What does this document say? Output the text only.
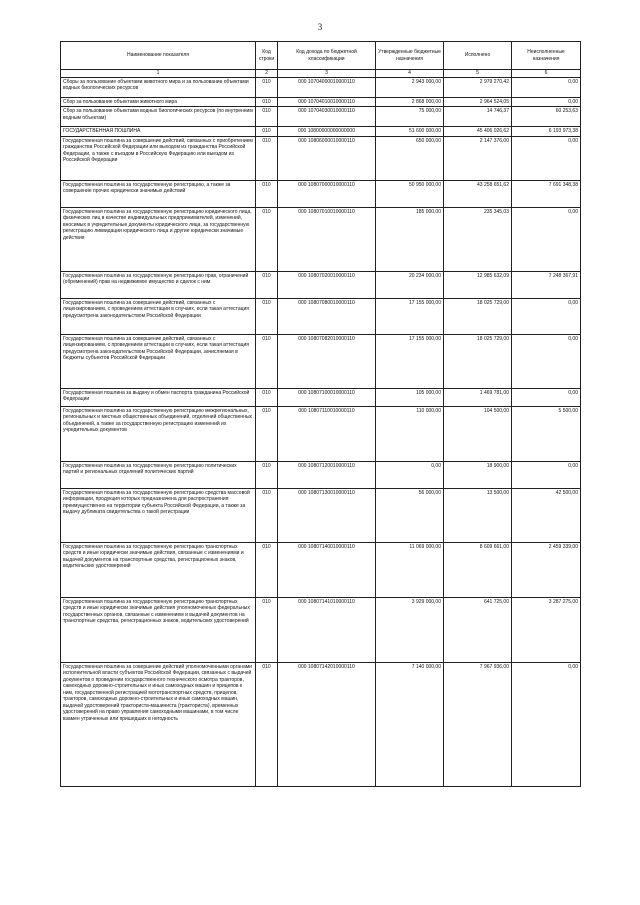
3
Наименование показателя	Код строки	Код дохода по бюджетной классификации	Утвержденные бюджетные назначения	Исполнено	Неисполненные назначения
1	2	3	4	5	6
Сборы за пользование объектами животного мира и за пользование объектами водных биологических ресурсов	010	000 10704000010000110	2 943 000,00	2 979 270,42	0,00
Сбор за пользование объектами животного мира	010	000 10704010010000110	2 868 000,00	2 964 524,05	0,00
Сбор за пользование объектами водных биологических ресурсов (по внутренним водным объектам)	010	000 10704030010000110	75 000,00	14 746,37	60 253,63
ГОСУДАРСТВЕННАЯ ПОШЛИНА	010	000 10800000000000000	51 600 000,00	45 406 026,62	6 193 973,38
Государственная пошлина за совершение действий, связанных с приобретением гражданства Российской Федерации или выходом из гражданства Российской Федерации, а также с въездом в Российскую Федерацию или выездом из Российской Федерации	010	000 10806000010000110	650 000,00	2 147 376,00	0,00
Государственная пошлина за государственную регистрацию, а также за совершение прочих юридически значимых действий	010	000 10807000010000110	50 950 000,00	43 258 651,62	7 691 348,38
Государственная пошлина за государственную регистрацию юридического лица, физических лиц в качестве индивидуальных предпринимателей, изменений, вносимых в учредительные документы юридического лица, за государственную регистрацию ликвидации юридического лица и другие юридически значимые действия	010	000 10807010010000110	185 000,00	235 345,03	0,00
Государственная пошлина за государственную регистрацию прав, ограничений (обременений) прав на недвижимое имущество и сделок с ним	010	000 10807020010000110	20 234 000,00	12 985 632,09	7 248 367,91
Государственная пошлина за совершение действий, связанных с лицензированием, с проведением аттестации в случаях, если такая аттестация предусмотрена законодательством Российской Федерации	010	000 10807080010000110	17 155 000,00	18 025 729,00	0,00
Государственная пошлина за совершение действий, связанных с лицензированием, с проведением аттестации в случаях, если такая аттестация предусмотрена законодательством Российской Федерации, зачисляемая в бюджеты субъектов Российской Федерации	010	000 10807082010000110	17 155 000,00	18 025 729,00	0,00
Государственная пошлина за выдачу и обмен паспорта гражданина Российской Федерации	010	000 10807100010000110	105 000,00	1 469 781,00	0,00
Государственная пошлина за государственную регистрацию межрегиональных, региональных и местных общественных объединений, отделений общественных объединений, а также за государственную регистрацию изменений их учредительных документов	010	000 10807110010000110	110 000,00	104 500,00	5 500,00
Государственная пошлина за государственную регистрацию политических партий и региональных отделений политических партий	010	000 10807120010000110	0,00	18 900,00	0,00
Государственная пошлина за государственную регистрацию средства массовой информации, продукция которых предназначена для распространения преимущественно на территории субъекта Российской Федерации, а также за выдачу дубликата свидетельства о такой регистрации	010	000 10807130010000110	56 000,00	13 500,00	42 500,00
Государственная пошлина за государственную регистрацию транспортных средств и иные юридически значимые действия, связанные с изменениями и выдачей документов на транспортные средства, регистрационных знаков, водительских удостоверений	010	000 10807140010000110	11 069 000,00	8 609 661,00	2 459 339,00
Государственная пошлина за государственную регистрацию транспортных средств и иные юридически значимые действия уполномоченных федеральных государственных органов, связанные с изменением и выдачей документов на транспортные средства, регистрационных знаков, водительских удостоверений	010	000 10807141010000110	3 929 000,00	641 725,00	3 287 275,00
Государственная пошлина за совершение действий уполномоченными органами исполнительной власти субъектов Российской Федерации, связанных с выдачей документов о проведении государственного технического осмотра тракторов, самоходных дорожно-строительных и иных самоходных машин и прицепов к ним, государственной регистрацией мототранспортных средств, прицепов, тракторов, самоходных дорожно-строительных и иных самоходных машин, выдачей удостоверений тракториста-машиниста (тракториста), временных удостоверений на право управления самоходными машинами, в том числе взамен утраченных или пришедших в негодность	010	000 10807142010000110	7 140 000,00	7 967 936,00	0,00
